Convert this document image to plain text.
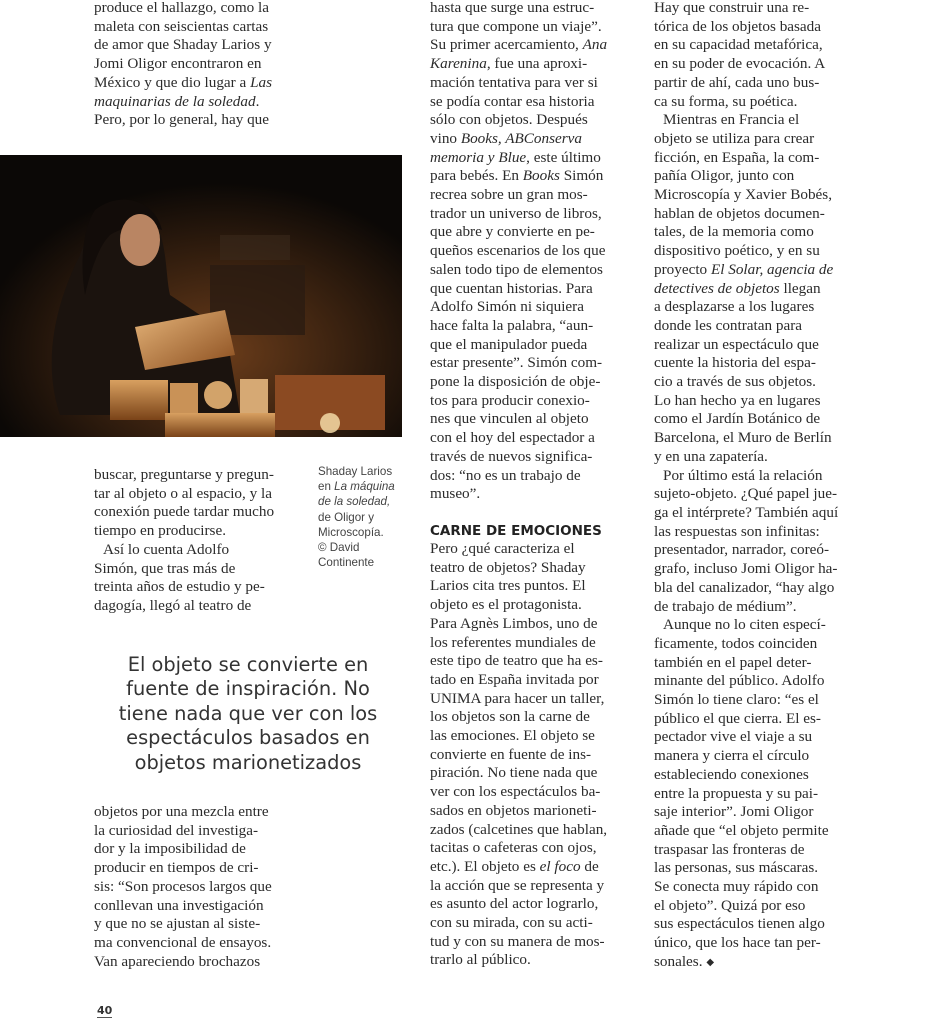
produce el hallazgo, como la
maleta con seiscientas cartas
de amor que Shaday Larios y
Jomi Oligor encontraron en
México y que dio lugar a Las
maquinarias de la soledad.
Pero, por lo general, hay que
Shaday Larios
en La máquina
de la soledad,
de Oligor y
Microscopía.
© David
Continente
buscar, preguntarse y pregun-
tar al objeto o al espacio, y la
conexión puede tardar mucho
tiempo en producirse.
Así lo cuenta Adolfo
Simón, que tras más de
treinta años de estudio y pe-
dagogía, llegó al teatro de
El objeto se convierte en
fuente de inspiración. No
tiene nada que ver con los
espectáculos basados en
objetos marionetizados
objetos por una mezcla entre
la curiosidad del investiga-
dor y la imposibilidad de
producir en tiempos de cri-
sis: “Son procesos largos que
conllevan una investigación
y que no se ajustan al siste-
ma convencional de ensayos.
Van apareciendo brochazos
hasta que surge una estruc-
tura que compone un viaje”.
Su primer acercamiento, Ana
Karenina, fue una aproxi-
mación tentativa para ver si
se podía contar esa historia
sólo con objetos. Después
vino Books, ABConserva
memoria y Blue, este último
para bebés. En Books Simón
recrea sobre un gran mos-
trador un universo de libros,
que abre y convierte en pe-
queños escenarios de los que
salen todo tipo de elementos
que cuentan historias. Para
Adolfo Simón ni siquiera
hace falta la palabra, “aun-
que el manipulador pueda
estar presente”. Simón com-
pone la disposición de obje-
tos para producir conexio-
nes que vinculen al objeto
con el hoy del espectador a
través de nuevos significa-
dos: “no es un trabajo de
museo”.
CARNE DE EMOCIONES
Pero ¿qué caracteriza el
teatro de objetos? Shaday
Larios cita tres puntos. El
objeto es el protagonista.
Para Agnès Limbos, uno de
los referentes mundiales de
este tipo de teatro que ha es-
tado en España invitada por
UNIMA para hacer un taller,
los objetos son la carne de
las emociones. El objeto se
convierte en fuente de ins-
piración. No tiene nada que
ver con los espectáculos ba-
sados en objetos marioneti-
zados (calcetines que hablan,
tacitas o cafeteras con ojos,
etc.). El objeto es el foco de
la acción que se representa y
es asunto del actor lograrlo,
con su mirada, con su acti-
tud y con su manera de mos-
trarlo al público.
Hay que construir una re-
tórica de los objetos basada
en su capacidad metafórica,
en su poder de evocación. A
partir de ahí, cada uno bus-
ca su forma, su poética.
Mientras en Francia el
objeto se utiliza para crear
ficción, en España, la com-
pañía Oligor, junto con
Microscopía y Xavier Bobés,
hablan de objetos documen-
tales, de la memoria como
dispositivo poético, y en su
proyecto El Solar, agencia de
detectives de objetos llegan
a desplazarse a los lugares
donde les contratan para
realizar un espectáculo que
cuente la historia del espa-
cio a través de sus objetos.
Lo han hecho ya en lugares
como el Jardín Botánico de
Barcelona, el Muro de Berlín
y en una zapatería.
Por último está la relación
sujeto-objeto. ¿Qué papel jue-
ga el intérprete? También aquí
las respuestas son infinitas:
presentador, narrador, coreó-
grafo, incluso Jomi Oligor ha-
bla del canalizador, “hay algo
de trabajo de médium”.
Aunque no lo citen especí-
ficamente, todos coinciden
también en el papel deter-
minante del público. Adolfo
Simón lo tiene claro: “es el
público el que cierra. El es-
pectador vive el viaje a su
manera y cierra el círculo
estableciendo conexiones
entre la propuesta y su pai-
saje interior”. Jomi Oligor
añade que “el objeto permite
traspasar las fronteras de
las personas, sus máscaras.
Se conecta muy rápido con
el objeto”. Quizá por eso
sus espectáculos tienen algo
único, que los hace tan per-
sonales. ◆
40
